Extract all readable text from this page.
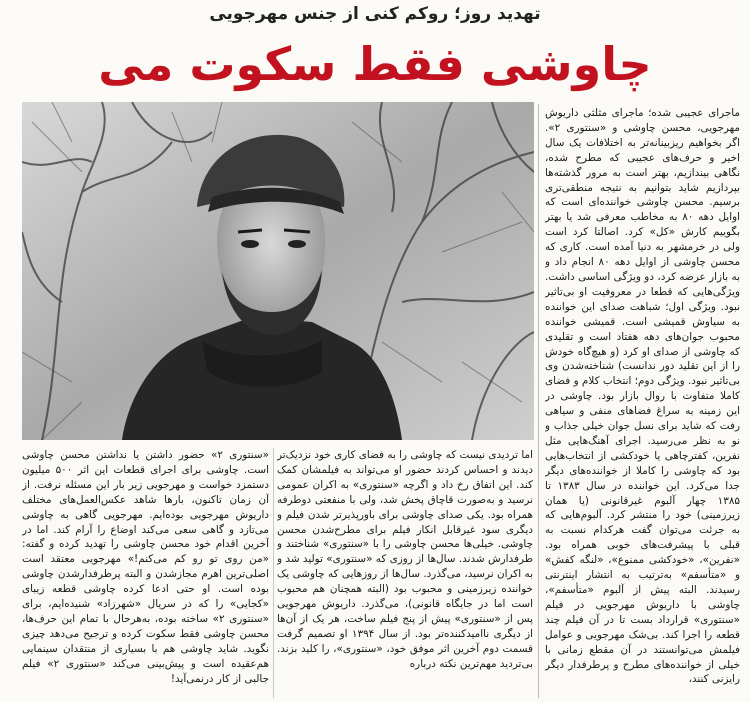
تهدید روز؛ روکم کنی از جنس مهرجویی
چاوشی فقط سکوت می

ماجرای عجیبی شده؛ ماجرای مثلثی داریوش مهرجویی، محسن چاوشی و «سنتوری ۲». اگر بخواهیم ریزبینانه‌تر به اختلافات یک سال اخیر و حرف‌های عجیبی که مطرح شده، نگاهی بیندازیم، بهتر است به مرور گذشته‌ها بپردازیم شاید بتوانیم به نتیجه منطقی‌تری برسیم. محسن چاوشی خواننده‌ای است که اوایل دهه ۸۰ به مخاطب معرفی شد یا بهتر بگوییم کارش «کل» کرد. اصالتا کرد است ولی در خرمشهر به دنیا آمده است. کاری که محسن چاوشی از اوایل دهه ۸۰ انجام داد و به بازار عرضه کرد، دو ویژگی اساسی داشت. ویژگی‌هایی که قطعا در معروفیت او بی‌تاثیر نبود. ویژگی اول؛ شباهت صدای این خواننده به سیاوش قمیشی است. قمیشی خواننده محبوب جوان‌های دهه هفتاد است و تقلیدی که چاوشی از صدای او کرد (و هیچ‌گاه خودش را از این تقلید دور ندانست) شناخته‌شدن وی بی‌تاثیر نبود. ویژگی دوم؛ انتخاب کلام و فضای کاملا متفاوت با روال بازار بود. چاوشی در این زمینه به سراغ فضاهای منفی و سیاهی رفت که شاید برای نسل جوان خیلی جذاب و نو به نظر می‌رسید. اجرای آهنگ‌هایی مثل نفرین، کفترچاهی یا خودکشی از انتخاب‌هایی بود که چاوشی را کاملا از خواننده‌های دیگر جدا می‌کرد. این خواننده در سال ۱۳۸۳ تا ۱۳۸۵ چهار آلبوم غیرقانونی (یا همان زیرزمینی) خود را منتشر کرد. آلبوم‌هایی که به جرئت می‌توان گفت هرکدام نسبت به قبلی با پیشرفت‌های خوبی همراه بود. «نفرین»، «خودکشی ممنوع»، «لنگه کفش» و «متأسفم» به‌ترتیب به انتشار اینترنتی رسیدند. البته پیش از آلبوم «متأسفم»، چاوشی با داریوش مهرجویی در فیلم «سنتوری» قرارداد بست تا در آن فیلم چند قطعه را اجرا کند. بی‌شک مهرجویی و عوامل فیلمش می‌توانستند در آن مقطع زمانی با خیلی از خواننده‌های مطرح و پرطرفدار دیگر رایزنی کنند،

اما تردیدی نیست که چاوشی را به فضای کاری خود نزدیک‌تر دیدند و احساس کردند حضور او می‌تواند به فیلمشان کمک کند. این اتفاق رخ داد و اگرچه «سنتوری» به اکران عمومی نرسید و به‌صورت قاچاق پخش شد، ولی با منفعتی دوطرفه همراه بود. یکی صدای چاوشی برای باورپذیرتر شدن فیلم و دیگری سود غیرقابل انکار فیلم برای مطرح‌شدن محسن چاوشی. خیلی‌ها محسن چاوشی را با «سنتوری» شناختند و طرفدارش شدند. سال‌ها از روزی که «سنتوری» تولید شد و به اکران نرسید، می‌گذرد. سال‌ها از روزهایی که چاوشی یک خواننده زیرزمینی و محبوب بود (البته همچنان هم محبوب است اما در جایگاه قانونی)، می‌گذرد. داریوش مهرجویی پس از «سنتوری» پیش از پنج فیلم ساخت، هر یک از آن‌ها از دیگری ناامیدکننده‌تر بود. از سال ۱۳۹۴ او تصمیم گرفت قسمت دوم آخرین اثر موفق خود، «سنتوری»، را کلید بزند. بی‌تردید مهم‌ترین نکته درباره

«سنتوری ۲» حضور داشتن یا نداشتن محسن چاوشی است. چاوشی برای اجرای قطعات این اثر ۵۰۰ میلیون دستمزد خواست و مهرجویی زیر بار این مسئله نرفت. از آن زمان تاکنون، بارها شاهد عکس‌العمل‌های مختلف داریوش مهرجویی بوده‌ایم. مهرجویی گاهی به چاوشی می‌تازد و گاهی سعی می‌کند اوضاع را آرام کند. اما در آخرین اقدام خود محسن چاوشی را تهدید کرده و گفته: «من روی تو رو کم می‌کنم!» مهرجویی معتقد است اصلی‌ترین اهرم مجازشدن و البته پرطرفدارشدن چاوشی بوده است. او حتی ادعا کرده چاوشی قطعه زیبای «کجایی» را که در سریال «شهرزاد» شنیده‌ایم، برای «سنتوری ۲» ساخته بوده، به‌هرحال با تمام این حرف‌ها، محسن چاوشی فقط سکوت کرده و ترجیح می‌دهد چیزی نگوید. شاید چاوشی هم با بسیاری از منتقدان سینمایی هم‌عقیده است و پیش‌بینی می‌کند «سنتوری ۲» فیلم جالبی از کار درنمی‌آید!
